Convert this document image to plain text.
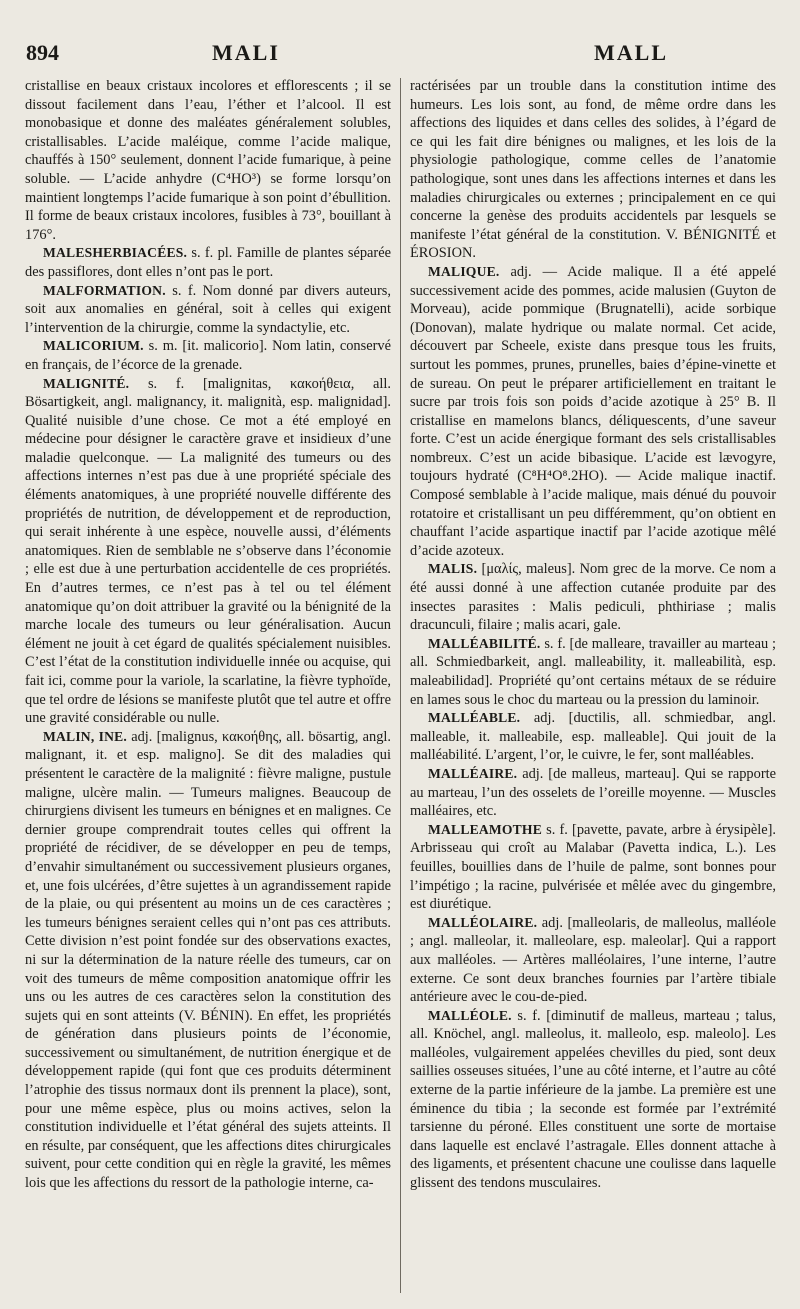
894	MALI	MALL

cristallise en beaux cristaux incolores et efflorescents ; il se dissout facilement dans l’eau, l’éther et l’alcool. Il est monobasique et donne des maléates généralement solubles, cristallisables. L’acide maléique, comme l’acide malique, chauffés à 150° seulement, donnent l’acide fumarique, à peine soluble. — L’acide anhydre (C⁴HO³) se forme lorsqu’on maintient longtemps l’acide fumarique à son point d’ébullition. Il forme de beaux cristaux incolores, fusibles à 73°, bouillant à 176°.

MALESHERBIACÉES. s. f. pl. Famille de plantes séparée des passiflores, dont elles n’ont pas le port.

MALFORMATION. s. f. Nom donné par divers auteurs, soit aux anomalies en général, soit à celles qui exigent l’intervention de la chirurgie, comme la syndactylie, etc.

MALICORIUM. s. m. [it. malicorio]. Nom latin, conservé en français, de l’écorce de la grenade.

MALIGNITÉ. s. f. [malignitas, κακοήθεια, all. Bösartigkeit, angl. malignancy, it. malignità, esp. malignidad]. Qualité nuisible d’une chose. Ce mot a été employé en médecine pour désigner le caractère grave et insidieux d’une maladie quelconque. — La malignité des tumeurs ou des affections internes n’est pas due à une propriété spéciale des éléments anatomiques, à une propriété nouvelle différente des propriétés de nutrition, de développement et de reproduction, qui serait inhérente à une espèce, nouvelle aussi, d’éléments anatomiques. Rien de semblable ne s’observe dans l’économie ; elle est due à une perturbation accidentelle de ces propriétés. En d’autres termes, ce n’est pas à tel ou tel élément anatomique qu’on doit attribuer la gravité ou la bénignité de la marche locale des tumeurs ou leur généralisation. Aucun élément ne jouit à cet égard de qualités spécialement nuisibles. C’est l’état de la constitution individuelle innée ou acquise, qui fait ici, comme pour la variole, la scarlatine, la fièvre typhoïde, que tel ordre de lésions se manifeste plutôt que tel autre et offre une gravité considérable ou nulle.

MALIN, INE. adj. [malignus, κακοήθης, all. bösartig, angl. malignant, it. et esp. maligno]. Se dit des maladies qui présentent le caractère de la malignité : fièvre maligne, pustule maligne, ulcère malin. — Tumeurs malignes. Beaucoup de chirurgiens divisent les tumeurs en bénignes et en malignes. Ce dernier groupe comprendrait toutes celles qui offrent la propriété de récidiver, de se développer en peu de temps, d’envahir simultanément ou successivement plusieurs organes, et, une fois ulcérées, d’être sujettes à un agrandissement rapide de la plaie, ou qui présentent au moins un de ces caractères ; les tumeurs bénignes seraient celles qui n’ont pas ces attributs. Cette division n’est point fondée sur des observations exactes, ni sur la détermination de la nature réelle des tumeurs, car on voit des tumeurs de même composition anatomique offrir les uns ou les autres de ces caractères selon la constitution des sujets qui en sont atteints (V. BÉNIN). En effet, les propriétés de génération dans plusieurs points de l’économie, successivement ou simultanément, de nutrition énergique et de développement rapide (qui font que ces produits déterminent l’atrophie des tissus normaux dont ils prennent la place), sont, pour une même espèce, plus ou moins actives, selon la constitution individuelle et l’état général des sujets atteints. Il en résulte, par conséquent, que les affections dites chirurgicales suivent, pour cette condition qui en règle la gravité, les mêmes lois que les affections du ressort de la pathologie interne, ca-

ractérisées par un trouble dans la constitution intime des humeurs. Les lois sont, au fond, de même ordre dans les affections des liquides et dans celles des solides, à l’égard de ce qui les fait dire bénignes ou malignes, et les lois de la physiologie pathologique, comme celles de l’anatomie pathologique, sont unes dans les affections internes et dans les maladies chirurgicales ou externes ; principalement en ce qui concerne la genèse des produits accidentels par lesquels se manifeste l’état général de la constitution. V. BÉNIGNITÉ et ÉROSION.

MALIQUE. adj. — Acide malique. Il a été appelé successivement acide des pommes, acide malusien (Guyton de Morveau), acide pommique (Brugnatelli), acide sorbique (Donovan), malate hydrique ou malate normal. Cet acide, découvert par Scheele, existe dans presque tous les fruits, surtout les pommes, prunes, prunelles, baies d’épine-vinette et de sureau. On peut le préparer artificiellement en traitant le sucre par trois fois son poids d’acide azotique à 25° B. Il cristallise en mamelons blancs, déliquescents, d’une saveur forte. C’est un acide énergique formant des sels cristallisables nombreux. C’est un acide bibasique. L’acide est lævogyre, toujours hydraté (C⁸H⁴O⁸.2HO). — Acide malique inactif. Composé semblable à l’acide malique, mais dénué du pouvoir rotatoire et cristallisant un peu différemment, qu’on obtient en chauffant l’acide aspartique inactif par l’acide azotique mêlé d’acide azoteux.

MALIS. [μαλίς, maleus]. Nom grec de la morve. Ce nom a été aussi donné à une affection cutanée produite par des insectes parasites : Malis pediculi, phthiriase ; malis dracunculi, filaire ; malis acari, gale.

MALLÉABILITÉ. s. f. [de malleare, travailler au marteau ; all. Schmiedbarkeit, angl. malleability, it. malleabilità, esp. maleabilidad]. Propriété qu’ont certains métaux de se réduire en lames sous le choc du marteau ou la pression du laminoir.

MALLÉABLE. adj. [ductilis, all. schmiedbar, angl. malleable, it. malleabile, esp. malleable]. Qui jouit de la malléabilité. L’argent, l’or, le cuivre, le fer, sont malléables.

MALLÉAIRE. adj. [de malleus, marteau]. Qui se rapporte au marteau, l’un des osselets de l’oreille moyenne. — Muscles malléaires, etc.

MALLEAMOTHE s. f. [pavette, pavate, arbre à érysipèle]. Arbrisseau qui croît au Malabar (Pavetta indica, L.). Les feuilles, bouillies dans de l’huile de palme, sont bonnes pour l’impétigo ; la racine, pulvérisée et mêlée avec du gingembre, est diurétique.

MALLÉOLAIRE. adj. [malleolaris, de malleolus, malléole ; angl. malleolar, it. malleolare, esp. maleolar]. Qui a rapport aux malléoles. — Artères malléolaires, l’une interne, l’autre externe. Ce sont deux branches fournies par l’artère tibiale antérieure avec le cou-de-pied.

MALLÉOLE. s. f. [diminutif de malleus, marteau ; talus, all. Knöchel, angl. malleolus, it. malleolo, esp. maleolo]. Les malléoles, vulgairement appelées chevilles du pied, sont deux saillies osseuses situées, l’une au côté interne, et l’autre au côté externe de la partie inférieure de la jambe. La première est une éminence du tibia ; la seconde est formée par l’extrémité tarsienne du péroné. Elles constituent une sorte de mortaise dans laquelle est enclavé l’astragale. Elles donnent attache à des ligaments, et présentent chacune une coulisse dans laquelle glissent des tendons musculaires.
